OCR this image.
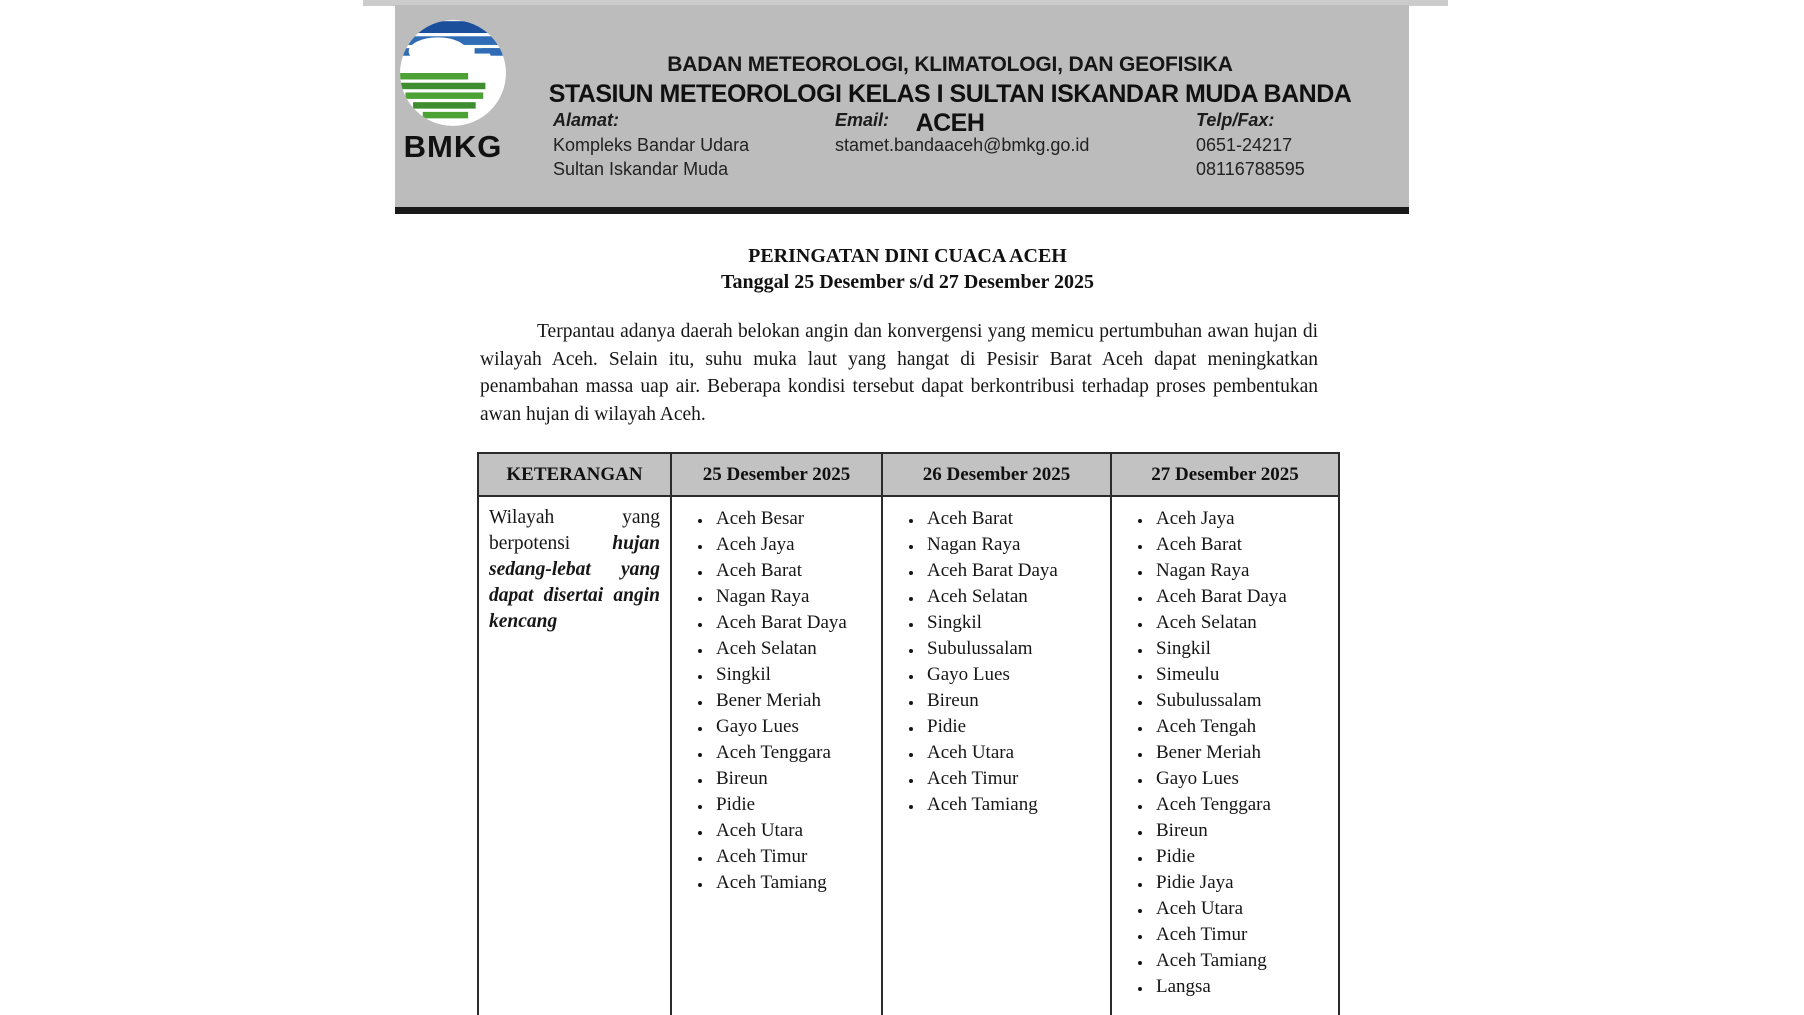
BMKG
BADAN METEOROLOGI, KLIMATOLOGI, DAN GEOFISIKA
STASIUN METEOROLOGI KELAS I SULTAN ISKANDAR MUDA BANDA ACEH
Alamat:
Kompleks Bandar Udara
Sultan Iskandar Muda
Email:
stamet.bandaaceh@bmkg.go.id
Telp/Fax:
0651-24217
08116788595
PERINGATAN DINI CUACA ACEH
Tanggal 25 Desember s/d 27 Desember 2025

Terpantau adanya daerah belokan angin dan konvergensi yang memicu pertumbuhan awan hujan di wilayah Aceh. Selain itu, suhu muka laut yang hangat di Pesisir Barat Aceh dapat meningkatkan penambahan massa uap air. Beberapa kondisi tersebut dapat berkontribusi terhadap proses pembentukan awan hujan di wilayah Aceh.

KETERANGAN	25 Desember 2025	26 Desember 2025	27 Desember 2025

Wilayah yang berpotensi hujan sedang-lebat yang dapat disertai angin kencang

• Aceh Besar
• Aceh Jaya
• Aceh Barat
• Nagan Raya
• Aceh Barat Daya
• Aceh Selatan
• Singkil
• Bener Meriah
• Gayo Lues
• Aceh Tenggara
• Bireun
• Pidie
• Aceh Utara
• Aceh Timur
• Aceh Tamiang

• Aceh Barat
• Nagan Raya
• Aceh Barat Daya
• Aceh Selatan
• Singkil
• Subulussalam
• Gayo Lues
• Bireun
• Pidie
• Aceh Utara
• Aceh Timur
• Aceh Tamiang

• Aceh Jaya
• Aceh Barat
• Nagan Raya
• Aceh Barat Daya
• Aceh Selatan
• Singkil
• Simeulu
• Subulussalam
• Aceh Tengah
• Bener Meriah
• Gayo Lues
• Aceh Tenggara
• Bireun
• Pidie
• Pidie Jaya
• Aceh Utara
• Aceh Timur
• Aceh Tamiang
• Langsa
